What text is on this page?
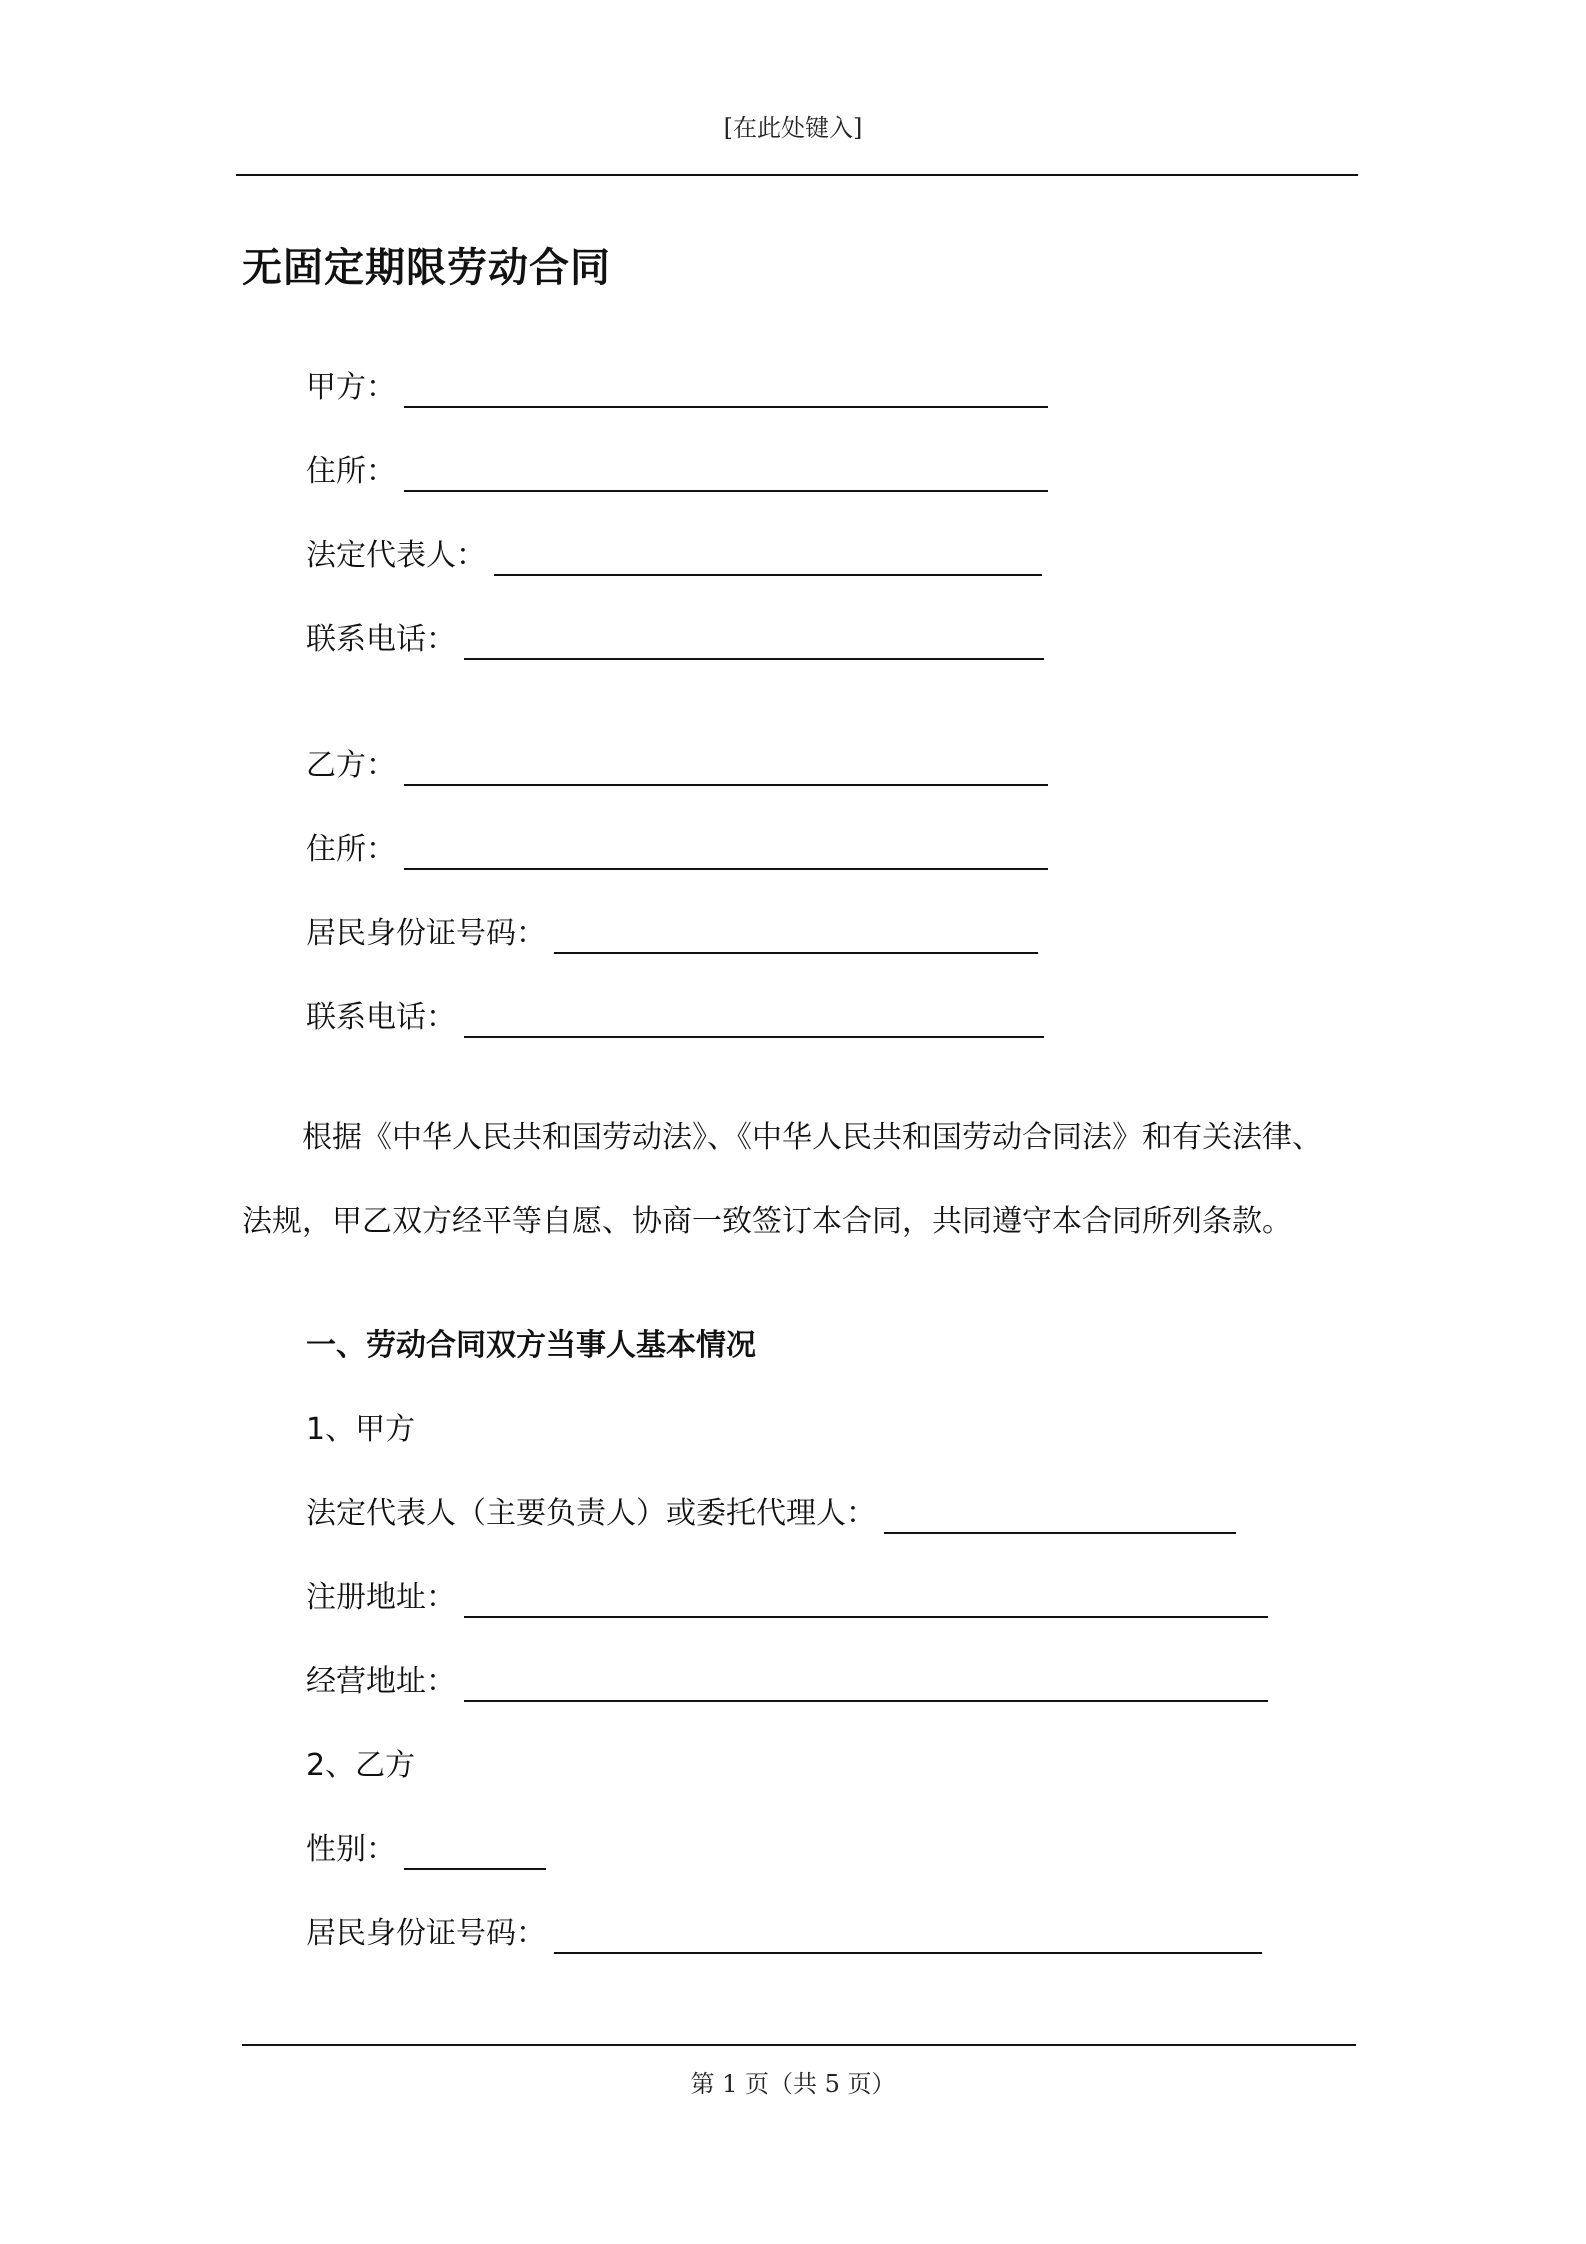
[在此处键入]
无固定期限劳动合同
甲方：
住所：
法定代表人：
联系电话：
乙方：
住所：
居民身份证号码：
联系电话：
　　根据《中华人民共和国劳动法》、《中华人民共和国劳动合同法》和有关法律、
法规，甲乙双方经平等自愿、协商一致签订本合同，共同遵守本合同所列条款。
一、劳动合同双方当事人基本情况
1、甲方
法定代表人（主要负责人）或委托代理人：
注册地址：
经营地址：
2、乙方
性别：
居民身份证号码：
第 1 页（共 5 页）
